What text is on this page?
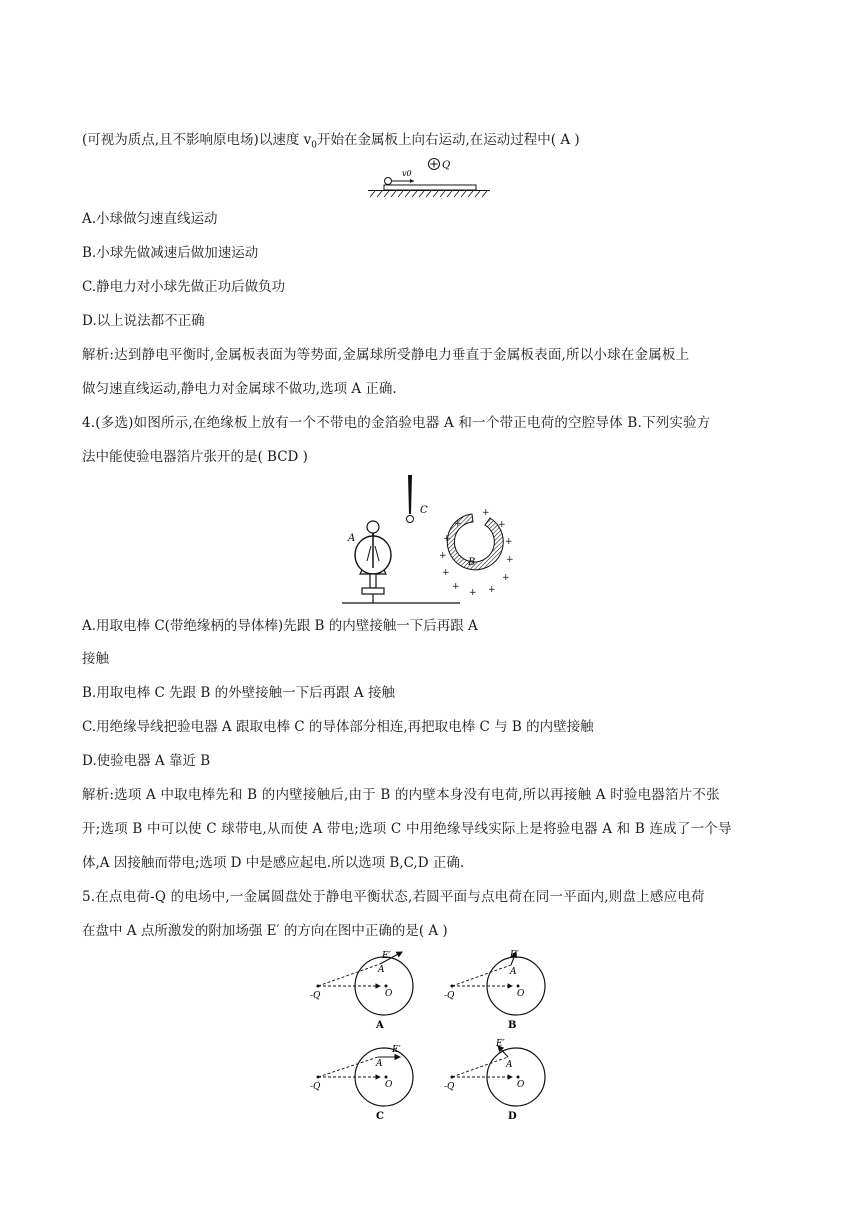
(可视为质点,且不影响原电场)以速度 $v_0$开始在金属板上向右运动,在运动过程中( A )
Q
v0
A.小球做匀速直线运动
B.小球先做减速后做加速运动
C.静电力对小球先做正功后做负功
D.以上说法都不正确
解析:达到静电平衡时,金属板表面为等势面,金属球所受静电力垂直于金属板表面,所以小球在金属板上
做匀速直线运动,静电力对金属球不做功,选项 A 正确.
4.(多选)如图所示,在绝缘板上放有一个不带电的金箔验电器 A 和一个带正电荷的空腔导体 B.下列实验方
法中能使验电器箔片张开的是( BCD )
C
A
B
+
+
+
+
+
+ +
+
+
+
+
+
A.用取电棒 C(带绝缘柄的导体棒)先跟 B 的内壁接触一下后再跟 A
接触
B.用取电棒 C 先跟 B 的外壁接触一下后再跟 A 接触
C.用绝缘导线把验电器 A 跟取电棒 C 的导体部分相连,再把取电棒 C 与 B 的内壁接触
D.使验电器 A 靠近 B
解析:选项 A 中取电棒先和 B 的内壁接触后,由于 B 的内壁本身没有电荷,所以再接触 A 时验电器箔片不张
开;选项 B 中可以使 C 球带电,从而使 A 带电;选项 C 中用绝缘导线实际上是将验电器 A 和 B 连成了一个导
体,A 因接触而带电;选项 D 中是感应起电.所以选项 B,C,D 正确.
5.在点电荷-Q 的电场中,一金属圆盘处于静电平衡状态,若圆平面与点电荷在同一平面内,则盘上感应电荷
在盘中 A 点所激发的附加场强 E′ 的方向在图中正确的是( A )
-Q	O
A
E′
A
-Q	O
A
E′
B
-Q	O
A
E′
C
-Q	O
A
E′
D
